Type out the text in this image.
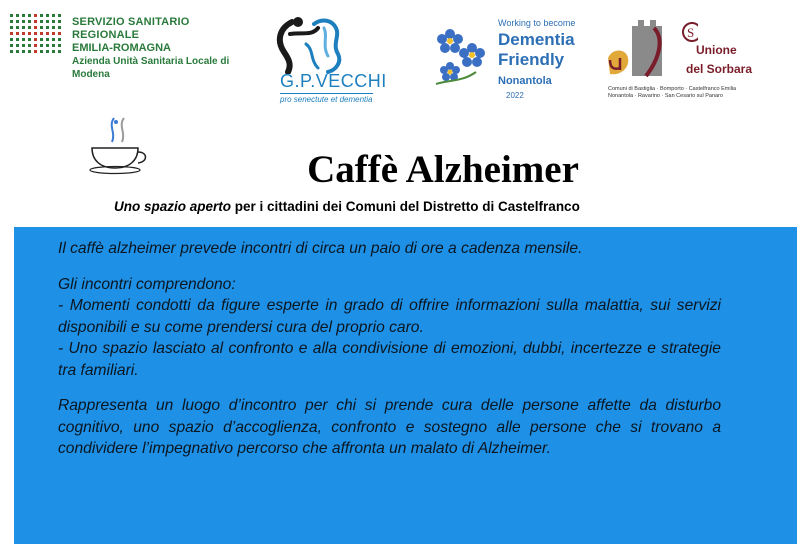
SERVIZIO SANITARIO REGIONALE
EMILIA-ROMAGNA
Azienda Unità Sanitaria Locale di Modena	G.P.VECCHI
pro senectute et dementia
Working to become
Dementia
Friendly
Nonantola
2022
S
Unione
del Sorbara
Comuni di Bastiglia · Bomporto · Castelfranco Emilia
Nonantola · Ravarino · San Cesario sul Panaro
Caffè Alzheimer
Uno spazio aperto per i cittadini dei Comuni del Distretto di Castelfranco

Il caffè alzheimer prevede incontri di circa un paio di ore a cadenza mensile.

Gli incontri comprendono:

- Momenti condotti da figure esperte in grado di offrire informazioni sulla malattia, sui servizi disponibili e su come prendersi cura del proprio caro.

- Uno spazio lasciato al confronto e alla condivisione di emozioni, dubbi, incertezze e strategie tra familiari.

Rappresenta un luogo d’incontro per chi si prende cura delle persone affette da disturbo cognitivo, uno spazio d’accoglienza, confronto e sostegno alle persone che si trovano a condividere l’impegnativo percorso che affronta un malato di Alzheimer.
